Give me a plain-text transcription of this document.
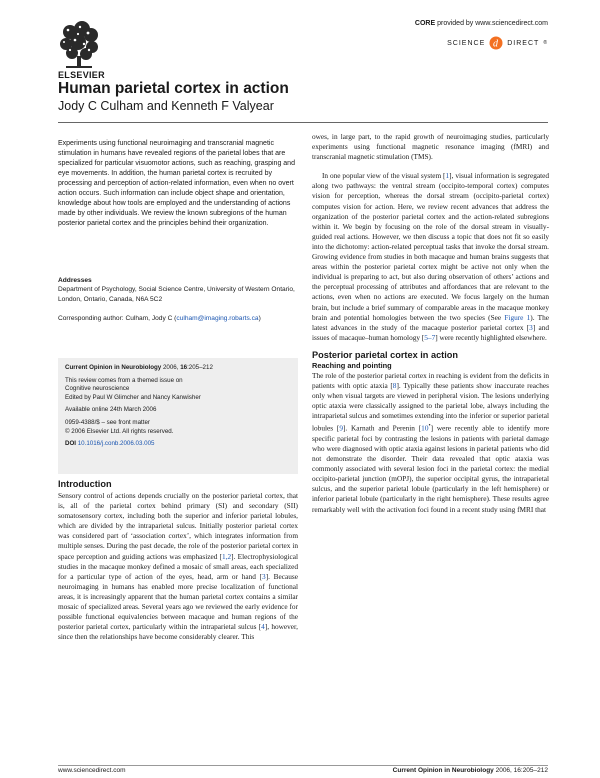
ELSEVIER
CORE provided by www.sciencedirect.com
SCIENCE d DIRECT ®
Human parietal cortex in action
Jody C Culham and Kenneth F Valyear

Experiments using functional neuroimaging and transcranial magnetic stimulation in humans have revealed regions of the parietal lobes that are specialized for particular visuomotor actions, such as reaching, grasping and eye movements. In addition, the human parietal cortex is recruited by processing and perception of action-related information, even when no overt action occurs. Such information can include object shape and orientation, knowledge about how tools are employed and the understanding of actions made by other individuals. We review the known subregions of the human posterior parietal cortex and the principles behind their organization.

Addresses
Department of Psychology, Social Science Centre, University of Western Ontario, London, Ontario, Canada, N6A 5C2
Corresponding author: Culham, Jody C (culham@imaging.robarts.ca)

Current Opinion in Neurobiology 2006, 16:205–212

This review comes from a themed issue on

Cognitive neuroscience

Edited by Paul W Glimcher and Nancy Kanwisher

Available online 24th March 2006

0959-4388/$ – see front matter

© 2006 Elsevier Ltd. All rights reserved.

DOI 10.1016/j.conb.2006.03.005

Introduction

Sensory control of actions depends crucially on the posterior parietal cortex, that is, all of the parietal cortex behind primary (SI) and secondary (SII) somatosensory cortex, including both the superior and inferior parietal lobules, which are divided by the intraparietal sulcus. Initially posterior parietal cortex was considered part of ‘association cortex’, which integrates information from multiple senses. During the past decade, the role of the posterior parietal cortex in space perception and guiding actions was emphasized [1,2]. Electrophysiological studies in the macaque monkey defined a mosaic of small areas, each specialized for a particular type of action of the eyes, head, arm or hand [3]. Because neuroimaging in humans has enabled more precise localization of functional areas, it is increasingly apparent that the human parietal cortex contains a similar mosaic of specialized areas. Several years ago we reviewed the early evidence for possible functional equivalencies between macaque and human regions of the posterior parietal cortex, particularly within the intraparietal sulcus [4], however, since then the relationships have become considerably clearer. This

owes, in large part, to the rapid growth of neuroimaging studies, particularly experiments using functional magnetic resonance imaging (fMRI) and transcranial magnetic stimulation (TMS).

In one popular view of the visual system [1], visual information is segregated along two pathways: the ventral stream (occipito-temporal cortex) computes vision for perception, whereas the dorsal stream (occipito-parietal cortex) computes vision for action. Here, we review recent advances that address the organization of the posterior parietal cortex and the action-related subregions within it. We begin by focusing on the role of the dorsal stream in visually-guided real actions. However, we then discuss a topic that does not fit so easily into the dichotomy: action-related perceptual tasks that invoke the dorsal stream. Growing evidence from studies in both macaque and human brains suggests that areas within the posterior parietal cortex might be active not only when the individual is preparing to act, but also during observation of others’ actions and the perceptual processing of attributes and affordances that are relevant to the actions, even when no actions are executed. We focus largely on the human brain, but include a brief summary of comparable areas in the macaque monkey brain and potential homologies between the two species (See Figure 1). The latest advances in the study of the macaque posterior parietal cortex [3] and issues of macaque–human homology [5–7] were recently highlighted elsewhere.

Posterior parietal cortex in action
Reaching and pointing

The role of the posterior parietal cortex in reaching is evident from the deficits in patients with optic ataxia [8]. Typically these patients show inaccurate reaches only when visual targets are viewed in peripheral vision. The lesions underlying optic ataxia were classically assigned to the parietal lobe, always including the intraparietal sulcus and sometimes extending into the inferior or superior parietal lobules [9]. Karnath and Perenin [10•] were recently able to identify more specific parietal foci by contrasting the lesions in patients with parietal damage who were diagnosed with optic ataxia against lesions in parietal patients who did not demonstrate the disorder. Their data revealed that optic ataxia was commonly associated with several lesion foci in the parietal cortex: the medial occipito-parietal junction (mOPJ), the superior occipital gyrus, the intraparietal sulcus, and the superior parietal lobule (particularly in the left hemisphere) or inferior parietal lobule (particularly in the right hemisphere). These results agree remarkably well with the activation foci found in a recent study using fMRI that

www.sciencedirect.com	Current Opinion in Neurobiology 2006, 16:205–212
